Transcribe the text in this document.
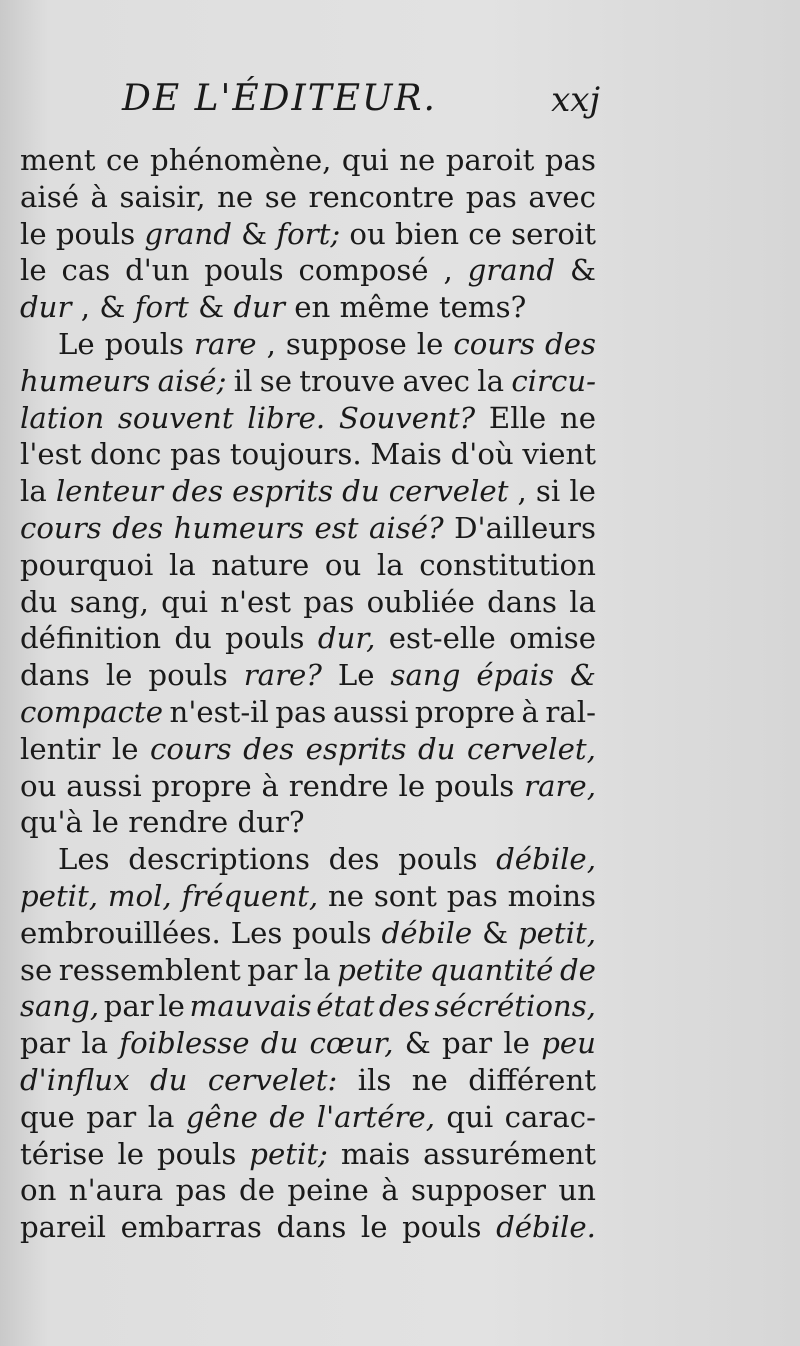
DE L'ÉDITEUR.	xxj
ment ce phénomène, qui ne paroit pas
aisé à saisir, ne se rencontre pas avec
le pouls grand & fort; ou bien ce seroit
le cas d'un pouls composé , grand &
dur , & fort & dur en même tems?
Le pouls rare , suppose le cours des
humeurs aisé; il se trouve avec la circu-
lation souvent libre. Souvent? Elle ne
l'est donc pas toujours. Mais d'où vient
la lenteur des esprits du cervelet , si le
cours des humeurs est aisé? D'ailleurs
pourquoi la nature ou la constitution
du sang, qui n'est pas oubliée dans la
définition du pouls dur, est-elle omise
dans le pouls rare? Le sang épais &
compacte n'est-il pas aussi propre à ral-
lentir le cours des esprits du cervelet,
ou aussi propre à rendre le pouls rare,
qu'à le rendre dur?
Les descriptions des pouls débile,
petit, mol, fréquent, ne sont pas moins
embrouillées. Les pouls débile & petit,
se ressemblent par la petite quantité de
sang, par le mauvais état des sécrétions,
par la foiblesse du cœur, & par le peu
d'influx du cervelet: ils ne différent
que par la gêne de l'artére, qui carac-
térise le pouls petit; mais assurément
on n'aura pas de peine à supposer un
pareil embarras dans le pouls débile.
